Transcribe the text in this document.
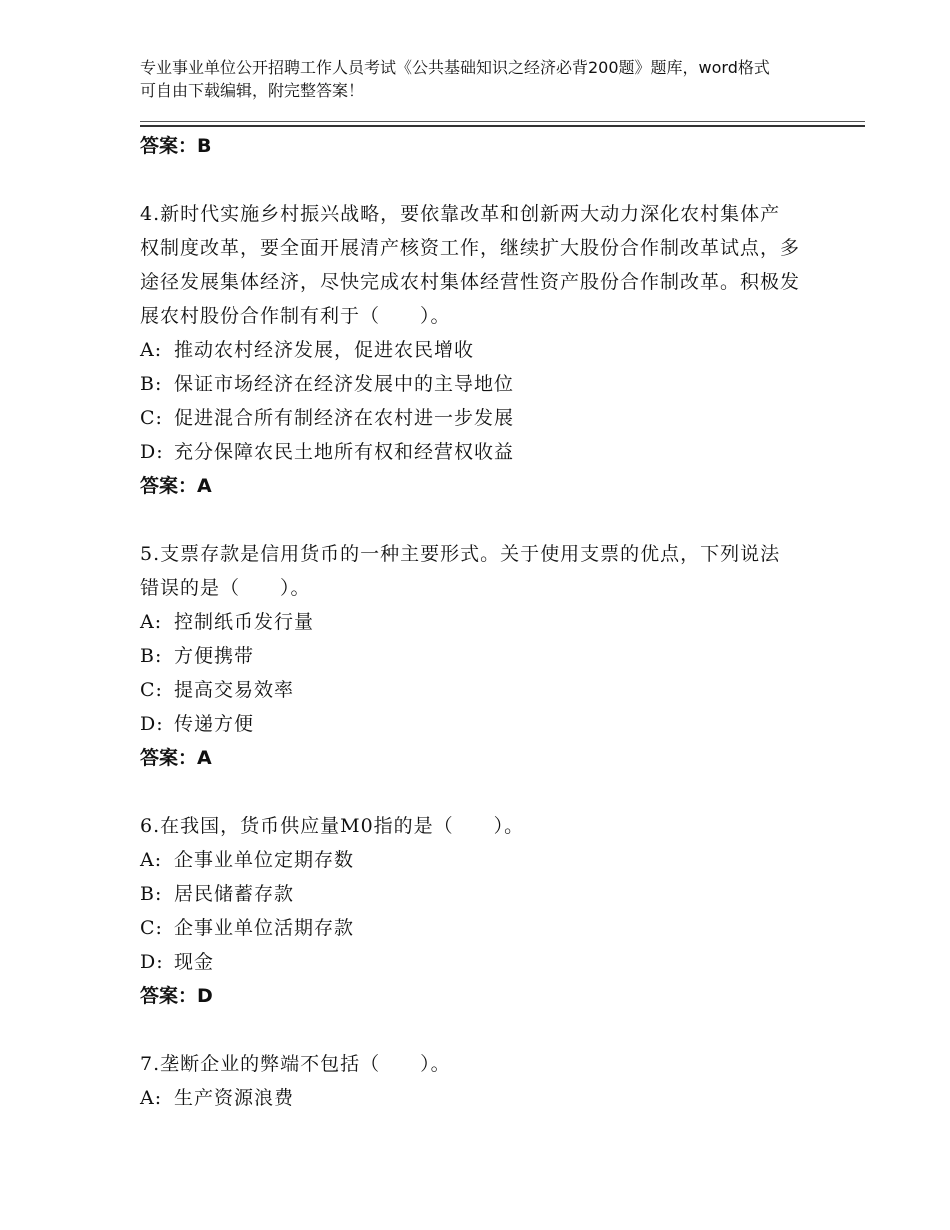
专业事业单位公开招聘工作人员考试《公共基础知识之经济必背200题》题库，word格式可自由下载编辑，附完整答案！
答案：B
4.新时代实施乡村振兴战略，要依靠改革和创新两大动力深化农村集体产权制度改革，要全面开展清产核资工作，继续扩大股份合作制改革试点，多途径发展集体经济，尽快完成农村集体经营性资产股份合作制改革。积极发展农村股份合作制有利于（　　）。
A: 推动农村经济发展，促进农民增收
B: 保证市场经济在经济发展中的主导地位
C: 促进混合所有制经济在农村进一步发展
D: 充分保障农民土地所有权和经营权收益
答案：A
5.支票存款是信用货币的一种主要形式。关于使用支票的优点，下列说法错误的是（　　）。
A: 控制纸币发行量
B: 方便携带
C: 提高交易效率
D: 传递方便
答案：A
6.在我国，货币供应量M0指的是（　　）。
A: 企事业单位定期存数
B: 居民储蓄存款
C: 企事业单位活期存款
D: 现金
答案：D
7.垄断企业的弊端不包括（　　）。
A: 生产资源浪费
